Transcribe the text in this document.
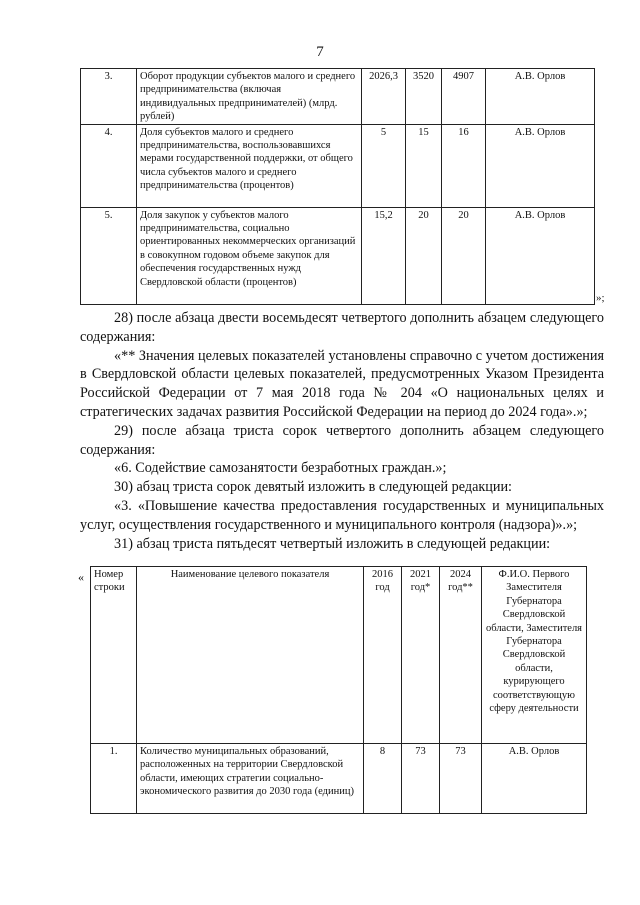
7
3.	Оборот продукции субъектов малого и среднего предпринимательства (включая индивидуальных предпринимателей) (млрд. рублей)	2026,3	3520	4907	А.В. Орлов
4.	Доля субъектов малого и среднего предпринимательства, воспользовавшихся мерами государственной поддержки, от общего числа субъектов малого и среднего предпринимательства (процентов)	5	15	16	А.В. Орлов
5.	Доля закупок у субъектов малого предпринимательства, социально ориентированных некоммерческих организаций в совокупном годовом объеме закупок для обеспечения государственных нужд Свердловской области (процентов)	15,2	20	20	А.В. Орлов
»;

28) после абзаца двести восемьдесят четвертого дополнить абзацем следующего содержания:

«** Значения целевых показателей установлены справочно с учетом достижения в Свердловской области целевых показателей, предусмотренных Указом Президента Российской Федерации от 7 мая 2018 года № 204 «О национальных целях и стратегических задачах развития Российской Федерации на период до 2024 года».»;

29) после абзаца триста сорок четвертого дополнить абзацем следующего содержания:

«6. Содействие самозанятости безработных граждан.»;

30) абзац триста сорок девятый изложить в следующей редакции:

«3. «Повышение качества предоставления государственных и муниципальных услуг, осуществления государственного и муниципального контроля (надзора)».»;

31) абзац триста пятьдесят четвертый изложить в следующей редакции:

« Номер строки	Наименование целевого показателя	2016 год	2021 год*	2024 год**	Ф.И.О. Первого Заместителя Губернатора Свердловской области, Заместителя Губернатора Свердловской области, курирующего соответствующую сферу деятельности
1.	Количество муниципальных образований, расположенных на территории Свердловской области, имеющих стратегии социально-экономического развития до 2030 года (единиц)	8	73	73	А.В. Орлов
